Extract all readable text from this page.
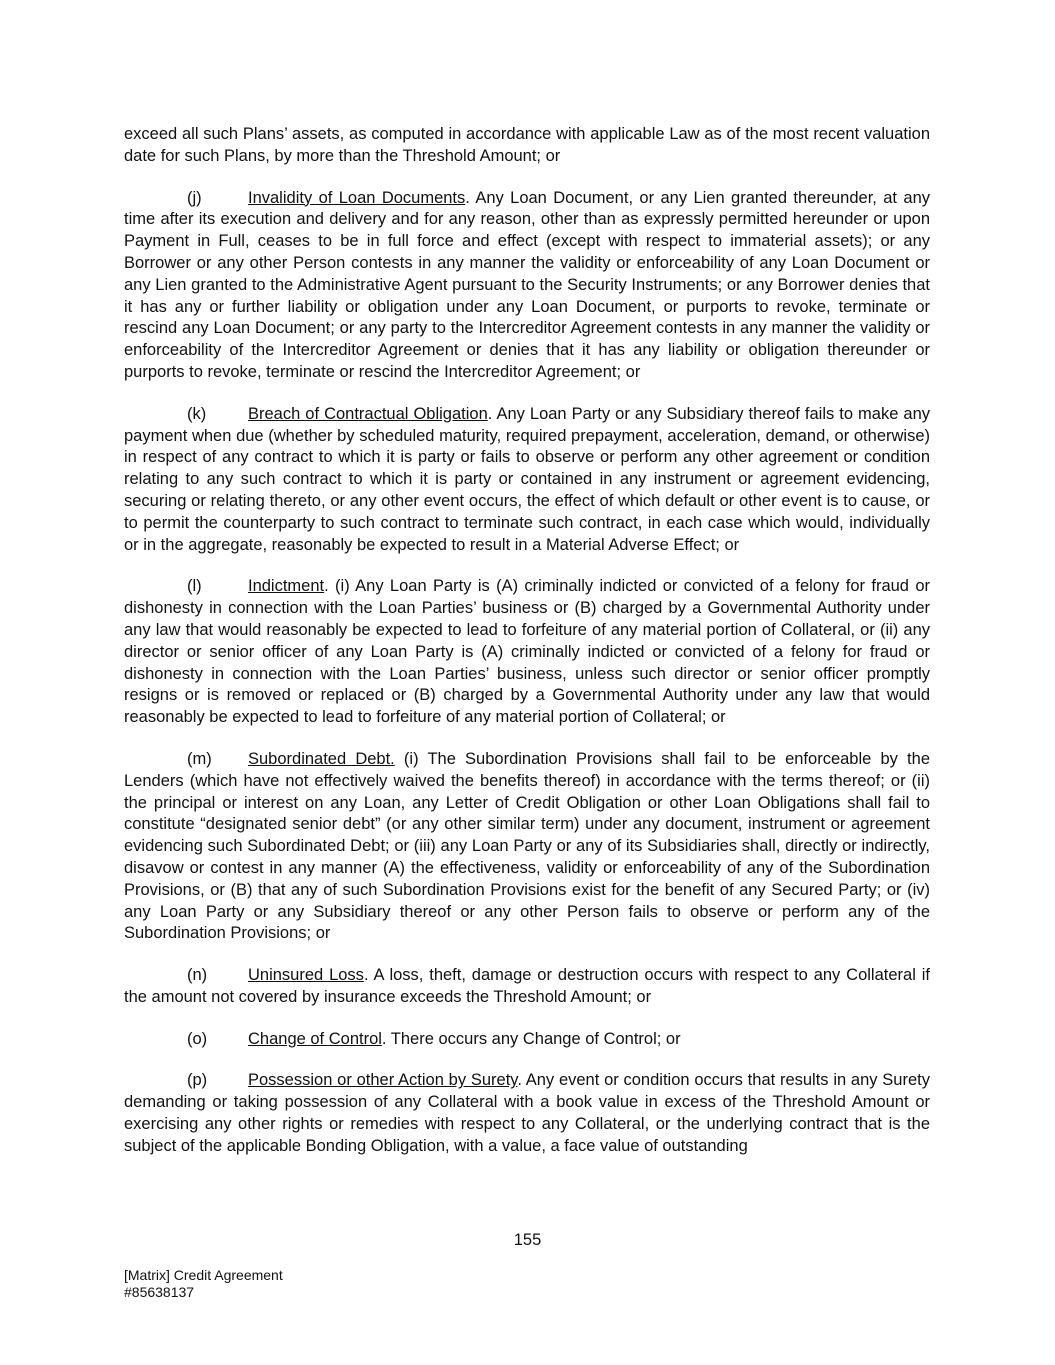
exceed all such Plans’ assets, as computed in accordance with applicable Law as of the most recent valuation date for such Plans, by more than the Threshold Amount; or

(j)	Invalidity of Loan Documents. Any Loan Document, or any Lien granted thereunder, at any time after its execution and delivery and for any reason, other than as expressly permitted hereunder or upon Payment in Full, ceases to be in full force and effect (except with respect to immaterial assets); or any Borrower or any other Person contests in any manner the validity or enforceability of any Loan Document or any Lien granted to the Administrative Agent pursuant to the Security Instruments; or any Borrower denies that it has any or further liability or obligation under any Loan Document, or purports to revoke, terminate or rescind any Loan Document; or any party to the Intercreditor Agreement contests in any manner the validity or enforceability of the Intercreditor Agreement or denies that it has any liability or obligation thereunder or purports to revoke, terminate or rescind the Intercreditor Agreement; or

(k)	Breach of Contractual Obligation. Any Loan Party or any Subsidiary thereof fails to make any payment when due (whether by scheduled maturity, required prepayment, acceleration, demand, or otherwise) in respect of any contract to which it is party or fails to observe or perform any other agreement or condition relating to any such contract to which it is party or contained in any instrument or agreement evidencing, securing or relating thereto, or any other event occurs, the effect of which default or other event is to cause, or to permit the counterparty to such contract to terminate such contract, in each case which would, individually or in the aggregate, reasonably be expected to result in a Material Adverse Effect; or

(l)	Indictment. (i) Any Loan Party is (A) criminally indicted or convicted of a felony for fraud or dishonesty in connection with the Loan Parties’ business or (B) charged by a Governmental Authority under any law that would reasonably be expected to lead to forfeiture of any material portion of Collateral, or (ii) any director or senior officer of any Loan Party is (A) criminally indicted or convicted of a felony for fraud or dishonesty in connection with the Loan Parties’ business, unless such director or senior officer promptly resigns or is removed or replaced or (B) charged by a Governmental Authority under any law that would reasonably be expected to lead to forfeiture of any material portion of Collateral; or

(m) Subordinated Debt. (i) The Subordination Provisions shall fail to be enforceable by the Lenders (which have not effectively waived the benefits thereof) in accordance with the terms thereof; or (ii) the principal or interest on any Loan, any Letter of Credit Obligation or other Loan Obligations shall fail to constitute “designated senior debt” (or any other similar term) under any document, instrument or agreement evidencing such Subordinated Debt; or (iii) any Loan Party or any of its Subsidiaries shall, directly or indirectly, disavow or contest in any manner (A) the effectiveness, validity or enforceability of any of the Subordination Provisions, or (B) that any of such Subordination Provisions exist for the benefit of any Secured Party; or (iv) any Loan Party or any Subsidiary thereof or any other Person fails to observe or perform any of the Subordination Provisions; or

(n) Uninsured Loss. A loss, theft, damage or destruction occurs with respect to any Collateral if the amount not covered by insurance exceeds the Threshold Amount; or

(o) Change of Control. There occurs any Change of Control; or

(p) Possession or other Action by Surety. Any event or condition occurs that results in any Surety demanding or taking possession of any Collateral with a book value in excess of the Threshold Amount or exercising any other rights or remedies with respect to any Collateral, or the underlying contract that is the subject of the applicable Bonding Obligation, with a value, a face value of outstanding

155
[Matrix] Credit Agreement
#85638137
